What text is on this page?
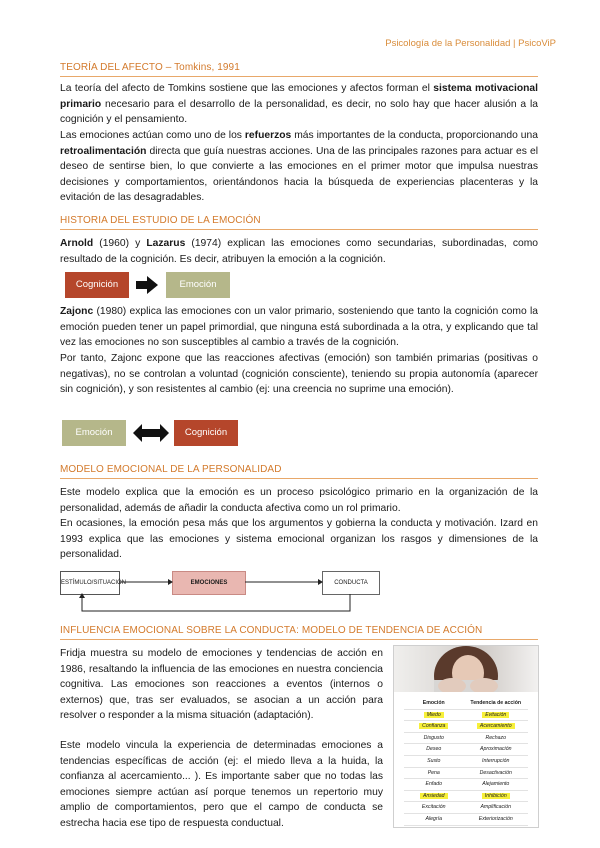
Psicología de la Personalidad | PsicoViP
TEORÍA DEL AFECTO – Tomkins, 1991
La teoría del afecto de Tomkins sostiene que las emociones y afectos forman el sistema motivacional primario necesario para el desarrollo de la personalidad, es decir, no solo hay que hacer alusión a la cognición y el pensamiento.
Las emociones actúan como uno de los refuerzos más importantes de la conducta, proporcionando una retroalimentación directa que guía nuestras acciones. Una de las principales razones para actuar es el deseo de sentirse bien, lo que convierte a las emociones en el primer motor que impulsa nuestras decisiones y comportamientos, orientándonos hacia la búsqueda de experiencias placenteras y la evitación de las desagradables.
HISTORIA DEL ESTUDIO DE LA EMOCIÓN
Arnold (1960) y Lazarus (1974) explican las emociones como secundarias, subordinadas, como resultado de la cognición. Es decir, atribuyen la emoción a la cognición.
Cognición	Emoción
Zajonc (1980) explica las emociones con un valor primario, sosteniendo que tanto la cognición como la emoción pueden tener un papel primordial, que ninguna está subordinada a la otra, y explicando que tal vez las emociones no son susceptibles al cambio a través de la cognición.
Por tanto, Zajonc expone que las reacciones afectivas (emoción) son también primarias (positivas o negativas), no se controlan a voluntad (cognición consciente), teniendo su propia autonomía (aparecer sin cognición), y son resistentes al cambio (ej: una creencia no suprime una emoción).
Emoción	Cognición
MODELO EMOCIONAL DE LA PERSONALIDAD
Este modelo explica que la emoción es un proceso psicológico primario en la organización de la personalidad, además de añadir la conducta afectiva como un rol primario.
En ocasiones, la emoción pesa más que los argumentos y gobierna la conducta y motivación. Izard en 1993 explica que las emociones y sistema emocional organizan los rasgos y dimensiones de la personalidad.
ESTÍMULO/SITUACIÓN	EMOCIONES	CONDUCTA
INFLUENCIA EMOCIONAL SOBRE LA CONDUCTA: MODELO DE TENDENCIA DE ACCIÓN
Fridja muestra su modelo de emociones y tendencias de acción en 1986, resaltando la influencia de las emociones en nuestra conciencia cognitiva. Las emociones son reacciones a eventos (internos o externos) que, tras ser evaluados, se asocian a un acción para resolver o responder a la misma situación (adaptación).
Este modelo vincula la experiencia de determinadas emociones a tendencias específicas de acción (ej: el miedo lleva a la huida, la confianza al acercamiento... ). Es importante saber que no todas las emociones siempre actúan así porque tenemos un repertorio muy amplio de comportamientos, pero que el campo de conducta se estrecha hacia ese tipo de respuesta conductual.
Emoción	Tendencia de acción
Miedo	Evitación
Confianza	Acercamiento
Disgusto	Rechazo
Deseo	Aproximación
Susto	Interrupción
Pena	Desactivación
Enfado	Alejamiento
Ansiedad	Inhibición
Excitación	Amplificación
Alegría	Exteriorización
